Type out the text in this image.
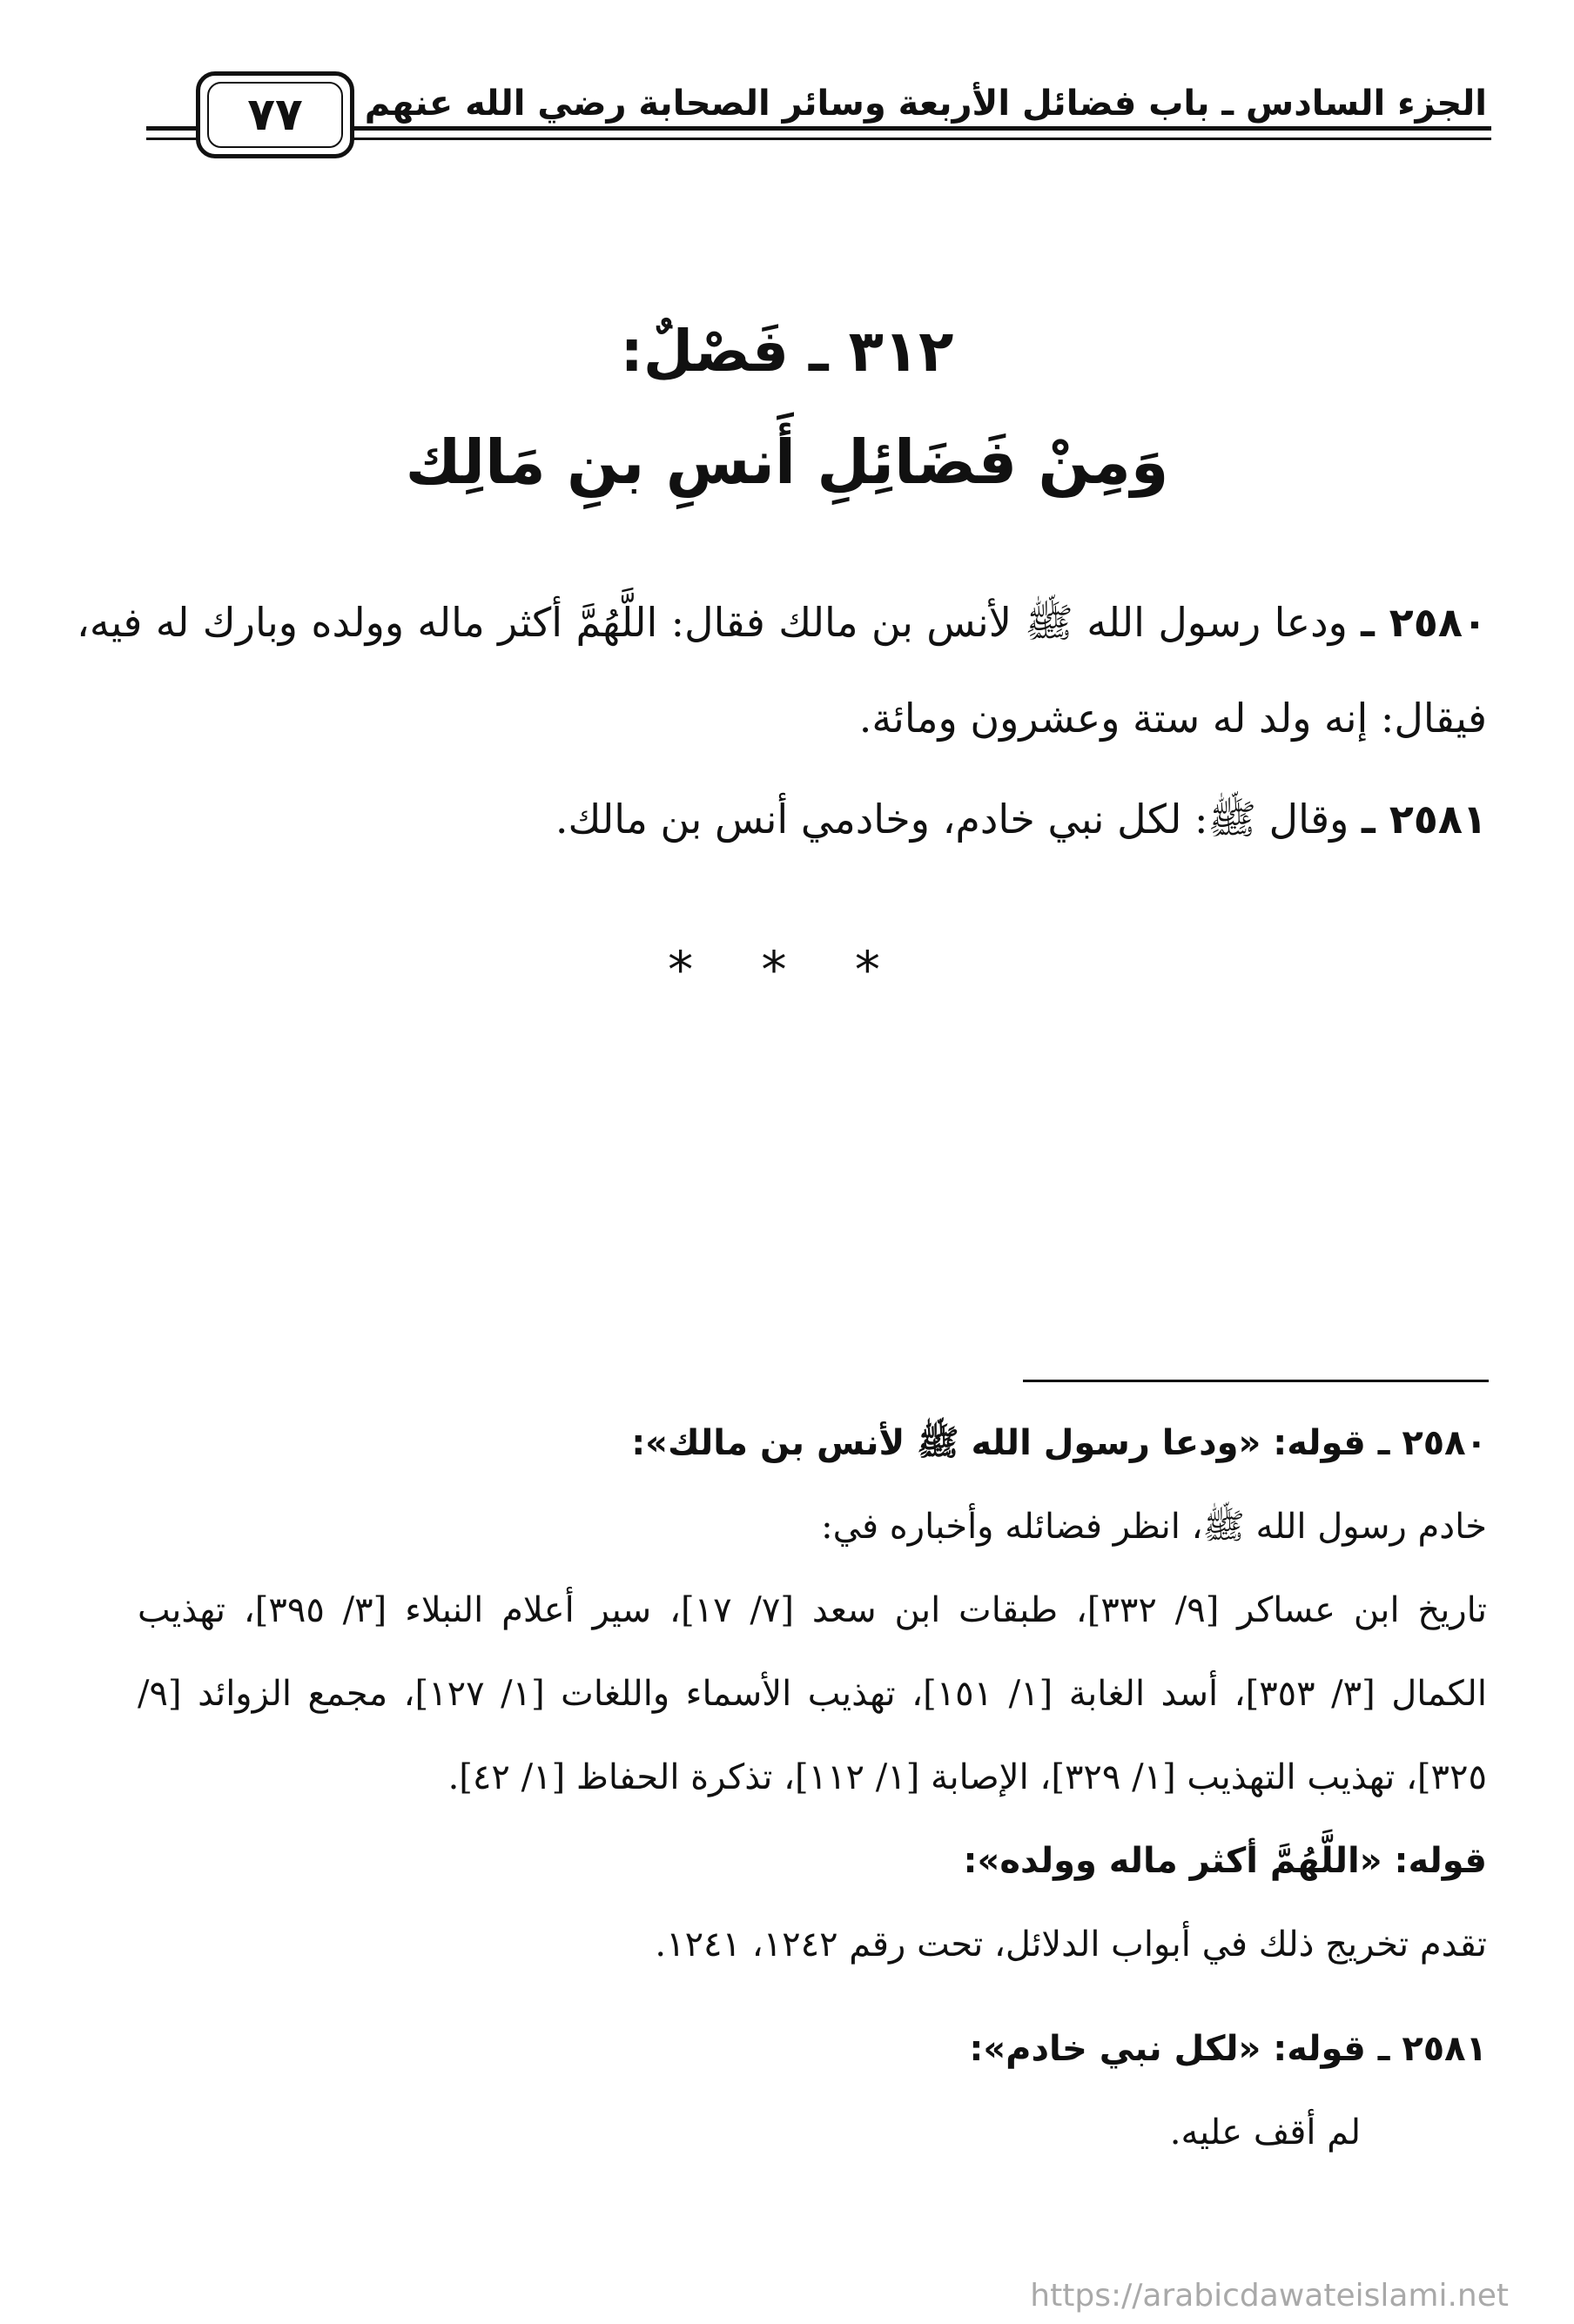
الجزء السادس ـ باب فضائل الأربعة وسائر الصحابة رضي الله عنهم
٧٧
٣١٢ ـ فَصْلٌ:
وَمِنْ فَضَائِلِ أَنسِ بنِ مَالِك

٢٥٨٠ ـ ودعا رسول الله ﷺ لأنس بن مالك فقال: اللَّهُمَّ أكثر ماله وولده وبارك له فيه، فيقال: إنه ولد له ستة وعشرون ومائة.

٢٥٨١ ـ وقال ﷺ: لكل نبي خادم، وخادمي أنس بن مالك.

* * *

٢٥٨٠ ـ قوله: «ودعا رسول الله ﷺ لأنس بن مالك»:

خادم رسول الله ﷺ، انظر فضائله وأخباره في:

تاريخ ابن عساكر [٩/ ٣٣٢]، طبقات ابن سعد [٧/ ١٧]، سير أعلام النبلاء [٣/ ٣٩٥]، تهذيب الكمال [٣/ ٣٥٣]، أسد الغابة [١/ ١٥١]، تهذيب الأسماء واللغات [١/ ١٢٧]، مجمع الزوائد [٩/ ٣٢٥]، تهذيب التهذيب [١/ ٣٢٩]، الإصابة [١/ ١١٢]، تذكرة الحفاظ [١/ ٤٢].

قوله: «اللَّهُمَّ أكثر ماله وولده»:

تقدم تخريج ذلك في أبواب الدلائل، تحت رقم ١٢٤٢، ١٢٤١.

٢٥٨١ ـ قوله: «لكل نبي خادم»:

لم أقف عليه.

https://arabicdawateislami.net
